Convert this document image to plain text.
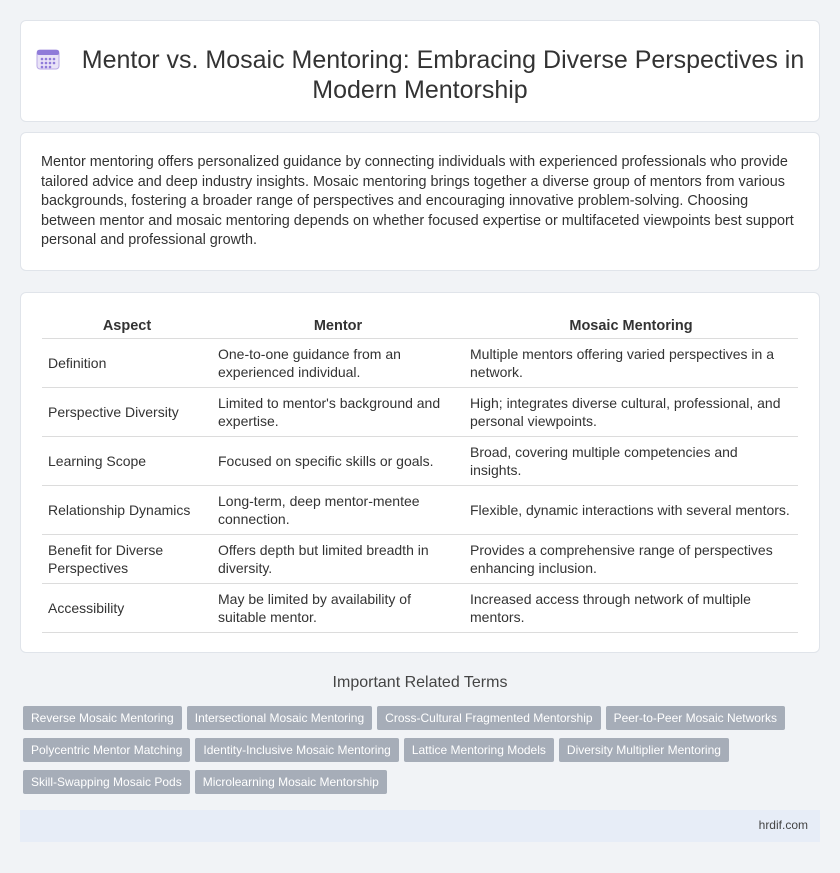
Mentor vs. Mosaic Mentoring: Embracing Diverse Perspectives in Modern Mentorship

Mentor mentoring offers personalized guidance by connecting individuals with experienced professionals who provide tailored advice and deep industry insights. Mosaic mentoring brings together a diverse group of mentors from various backgrounds, fostering a broader range of perspectives and encouraging innovative problem-solving. Choosing between mentor and mosaic mentoring depends on whether focused expertise or multifaceted viewpoints best support personal and professional growth.

Aspect	Mentor	Mosaic Mentoring
Definition	One-to-one guidance from an experienced individual.	Multiple mentors offering varied perspectives in a network.
Perspective Diversity	Limited to mentor's background and expertise.	High; integrates diverse cultural, professional, and personal viewpoints.
Learning Scope	Focused on specific skills or goals.	Broad, covering multiple competencies and insights.
Relationship Dynamics	Long-term, deep mentor-mentee connection.	Flexible, dynamic interactions with several mentors.
Benefit for Diverse Perspectives	Offers depth but limited breadth in diversity.	Provides a comprehensive range of perspectives enhancing inclusion.
Accessibility	May be limited by availability of suitable mentor.	Increased access through network of multiple mentors.
Important Related Terms
Reverse Mosaic Mentoring Intersectional Mosaic Mentoring Cross-Cultural Fragmented Mentorship Peer-to-Peer Mosaic Networks
Polycentric Mentor Matching Identity-Inclusive Mosaic Mentoring Lattice Mentoring Models Diversity Multiplier Mentoring
Skill-Swapping Mosaic Pods Microlearning Mosaic Mentorship
hrdif.com
